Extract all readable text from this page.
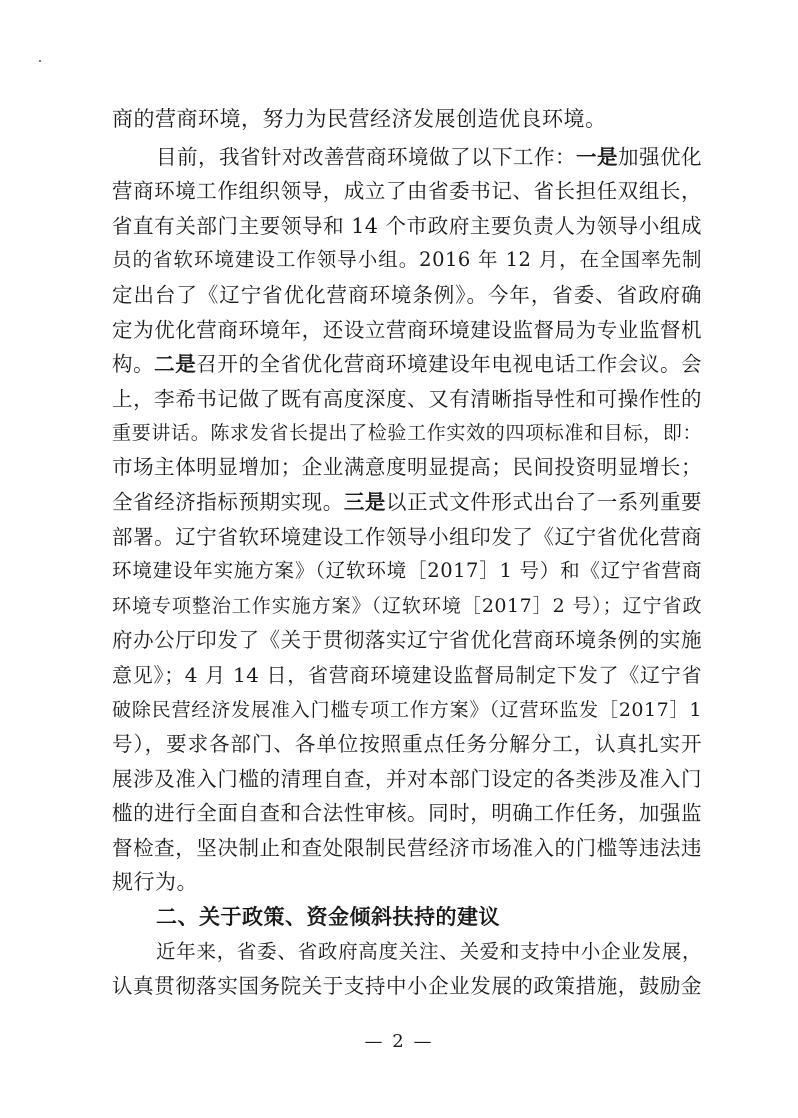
商的营商环境，努力为民营经济发展创造优良环境。
目前，我省针对改善营商环境做了以下工作：一是加强优化
营商环境工作组织领导，成立了由省委书记、省长担任双组长，
省直有关部门主要领导和 14 个市政府主要负责人为领导小组成
员的省软环境建设工作领导小组。2016 年 12 月，在全国率先制
定出台了《辽宁省优化营商环境条例》。今年，省委、省政府确
定为优化营商环境年，还设立营商环境建设监督局为专业监督机
构。二是召开的全省优化营商环境建设年电视电话工作会议。会
上，李希书记做了既有高度深度、又有清晰指导性和可操作性的
重要讲话。陈求发省长提出了检验工作实效的四项标准和目标，即：
市场主体明显增加；企业满意度明显提高；民间投资明显增长；
全省经济指标预期实现。三是以正式文件形式出台了一系列重要
部署。辽宁省软环境建设工作领导小组印发了《辽宁省优化营商
环境建设年实施方案》（辽软环境［2017］1 号）和《辽宁省营商
环境专项整治工作实施方案》（辽软环境［2017］2 号）；辽宁省政
府办公厅印发了《关于贯彻落实辽宁省优化营商环境条例的实施
意见》；4 月 14 日，省营商环境建设监督局制定下发了《辽宁省
破除民营经济发展准入门槛专项工作方案》（辽营环监发［2017］1
号），要求各部门、各单位按照重点任务分解分工，认真扎实开
展涉及准入门槛的清理自查，并对本部门设定的各类涉及准入门
槛的进行全面自查和合法性审核。同时，明确工作任务，加强监
督检查，坚决制止和查处限制民营经济市场准入的门槛等违法违
规行为。
二、关于政策、资金倾斜扶持的建议
近年来，省委、省政府高度关注、关爱和支持中小企业发展，
认真贯彻落实国务院关于支持中小企业发展的政策措施，鼓励金
— 2 —
